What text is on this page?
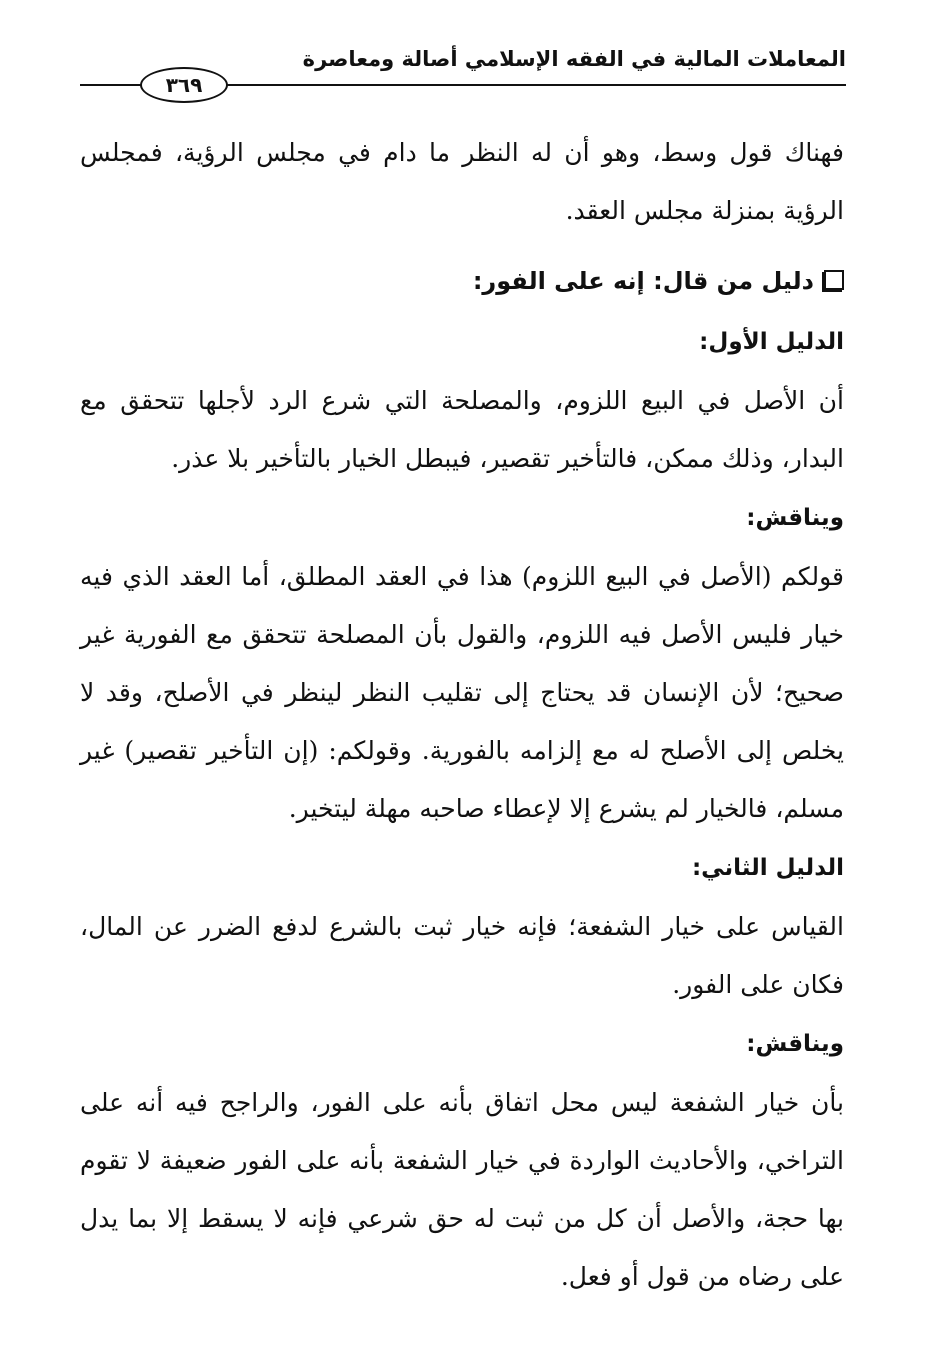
المعاملات المالية في الفقه الإسلامي أصالة ومعاصرة
٣٦٩

فهناك قول وسط، وهو أن له النظر ما دام في مجلس الرؤية، فمجلس الرؤية بمنزلة مجلس العقد.

دليل من قال: إنه على الفور:
الدليل الأول:

أن الأصل في البيع اللزوم، والمصلحة التي شرع الرد لأجلها تتحقق مع البدار، وذلك ممكن، فالتأخير تقصير، فيبطل الخيار بالتأخير بلا عذر.

ويناقش:

قولكم (الأصل في البيع اللزوم) هذا في العقد المطلق، أما العقد الذي فيه خيار فليس الأصل فيه اللزوم، والقول بأن المصلحة تتحقق مع الفورية غير صحيح؛ لأن الإنسان قد يحتاج إلى تقليب النظر لينظر في الأصلح، وقد لا يخلص إلى الأصلح له مع إلزامه بالفورية. وقولكم: (إن التأخير تقصير) غير مسلم، فالخيار لم يشرع إلا لإعطاء صاحبه مهلة ليتخير.

الدليل الثاني:

القياس على خيار الشفعة؛ فإنه خيار ثبت بالشرع لدفع الضرر عن المال، فكان على الفور.

ويناقش:

بأن خيار الشفعة ليس محل اتفاق بأنه على الفور، والراجح فيه أنه على التراخي، والأحاديث الواردة في خيار الشفعة بأنه على الفور ضعيفة لا تقوم بها حجة، والأصل أن كل من ثبت له حق شرعي فإنه لا يسقط إلا بما يدل على رضاه من قول أو فعل.
